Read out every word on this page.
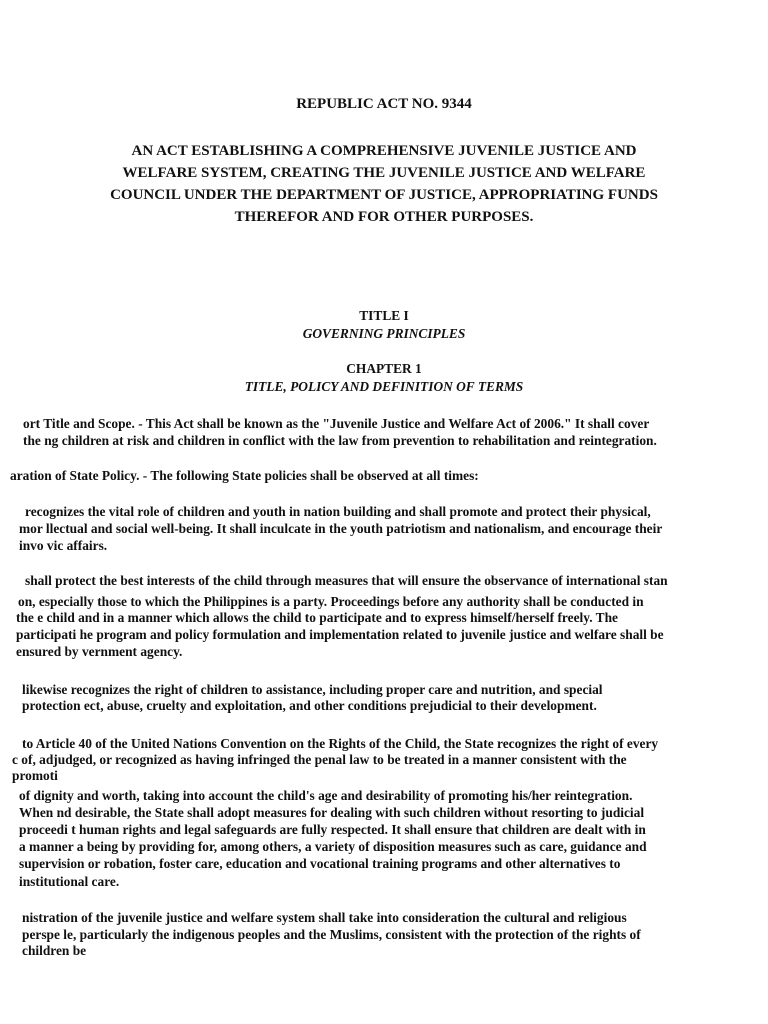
REPUBLIC ACT NO. 9344
AN ACT ESTABLISHING A COMPREHENSIVE JUVENILE JUSTICE AND
WELFARE SYSTEM, CREATING THE JUVENILE JUSTICE AND WELFARE
COUNCIL UNDER THE DEPARTMENT OF JUSTICE, APPROPRIATING FUNDS
THEREFOR AND FOR OTHER PURPOSES.
TITLE I
GOVERNING PRINCIPLES
CHAPTER 1
TITLE, POLICY AND DEFINITION OF TERMS
ort Title and Scope. - This Act shall be known as the "Juvenile Justice and Welfare Act of 2006." It shall cover
the ng children at risk and children in conflict with the law from prevention to rehabilitation and reintegration.
aration of State Policy. - The following State policies shall be observed at all times:
recognizes the vital role of children and youth in nation building and shall promote and protect their physical,
mor llectual and social well-being. It shall inculcate in the youth patriotism and nationalism, and encourage their
invo vic affairs.
shall protect the best interests of the child through measures that will ensure the observance of international stan
on, especially those to which the Philippines is a party. Proceedings before any authority shall be conducted in
the e child and in a manner which allows the child to participate and to express himself/herself freely. The
participati he program and policy formulation and implementation related to juvenile justice and welfare shall be
ensured by vernment agency.
likewise recognizes the right of children to assistance, including proper care and nutrition, and special
protection ect, abuse, cruelty and exploitation, and other conditions prejudicial to their development.
to Article 40 of the United Nations Convention on the Rights of the Child, the State recognizes the right of every
c of, adjudged, or recognized as having infringed the penal law to be treated in a manner consistent with the
promoti
of dignity and worth, taking into account the child's age and desirability of promoting his/her reintegration.
When nd desirable, the State shall adopt measures for dealing with such children without resorting to judicial
proceedi t human rights and legal safeguards are fully respected. It shall ensure that children are dealt with in
a manner a being by providing for, among others, a variety of disposition measures such as care, guidance and
supervision or robation, foster care, education and vocational training programs and other alternatives to
institutional care.
nistration of the juvenile justice and welfare system shall take into consideration the cultural and religious
perspe le, particularly the indigenous peoples and the Muslims, consistent with the protection of the rights of
children be
